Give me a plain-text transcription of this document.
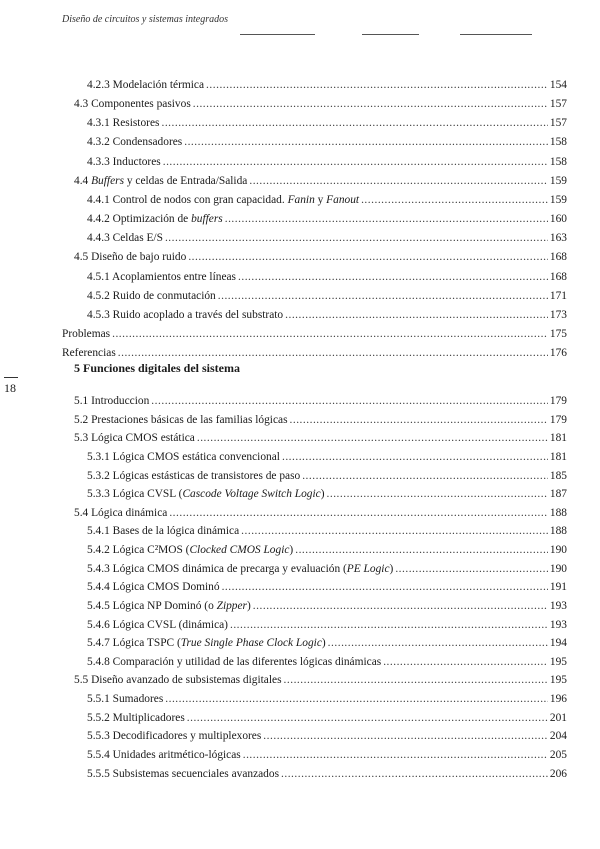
Diseño de circuitos y sistemas integrados
4.2.3 Modelación térmica .....	154
4.3 Componentes pasivos .....	157
4.3.1 Resistores .....	157
4.3.2 Condensadores .....	158
4.3.3 Inductores .....	158
4.4 Buffers y celdas de Entrada/Salida .....	159
4.4.1 Control de nodos con gran capacidad. Fanin y Fanout .....	159
4.4.2 Optimización de buffers .....	160
4.4.3 Celdas E/S .....	163
4.5 Diseño de bajo ruido .....	168
4.5.1 Acoplamientos entre líneas .....	168
4.5.2 Ruido de conmutación .....	171
4.5.3 Ruido acoplado a través del substrato .....	173
Problemas .....	175
Referencias .....	176
5 Funciones digitales del sistema
18
5.1 Introduccion .....	179
5.2 Prestaciones básicas de las familias lógicas .....	179
5.3 Lógica CMOS estática .....	181
5.3.1 Lógica CMOS estática convencional .....	181
5.3.2 Lógicas estásticas de transistores de paso .....	185
5.3.3 Lógica CVSL (Cascode Voltage Switch Logic) .....	187
5.4 Lógica dinámica .....	188
5.4.1 Bases de la lógica dinámica .....	188
5.4.2 Lógica C²MOS (Clocked CMOS Logic) .....	190
5.4.3 Lógica CMOS dinámica de precarga y evaluación (PE Logic) .....	190
5.4.4 Lógica CMOS Dominó .....	191
5.4.5 Lógica NP Dominó (o Zipper) .....	193
5.4.6 Lógica CVSL (dinámica) .....	193
5.4.7 Lógica TSPC (True Single Phase Clock Logic) .....	194
5.4.8 Comparación y utilidad de las diferentes lógicas dinámicas .....	195
5.5 Diseño avanzado de subsistemas digitales .....	195
5.5.1 Sumadores .....	196
5.5.2 Multiplicadores .....	201
5.5.3 Decodificadores y multiplexores .....	204
5.5.4 Unidades aritmético-lógicas .....	205
5.5.5 Subsistemas secuenciales avanzados .....	206
